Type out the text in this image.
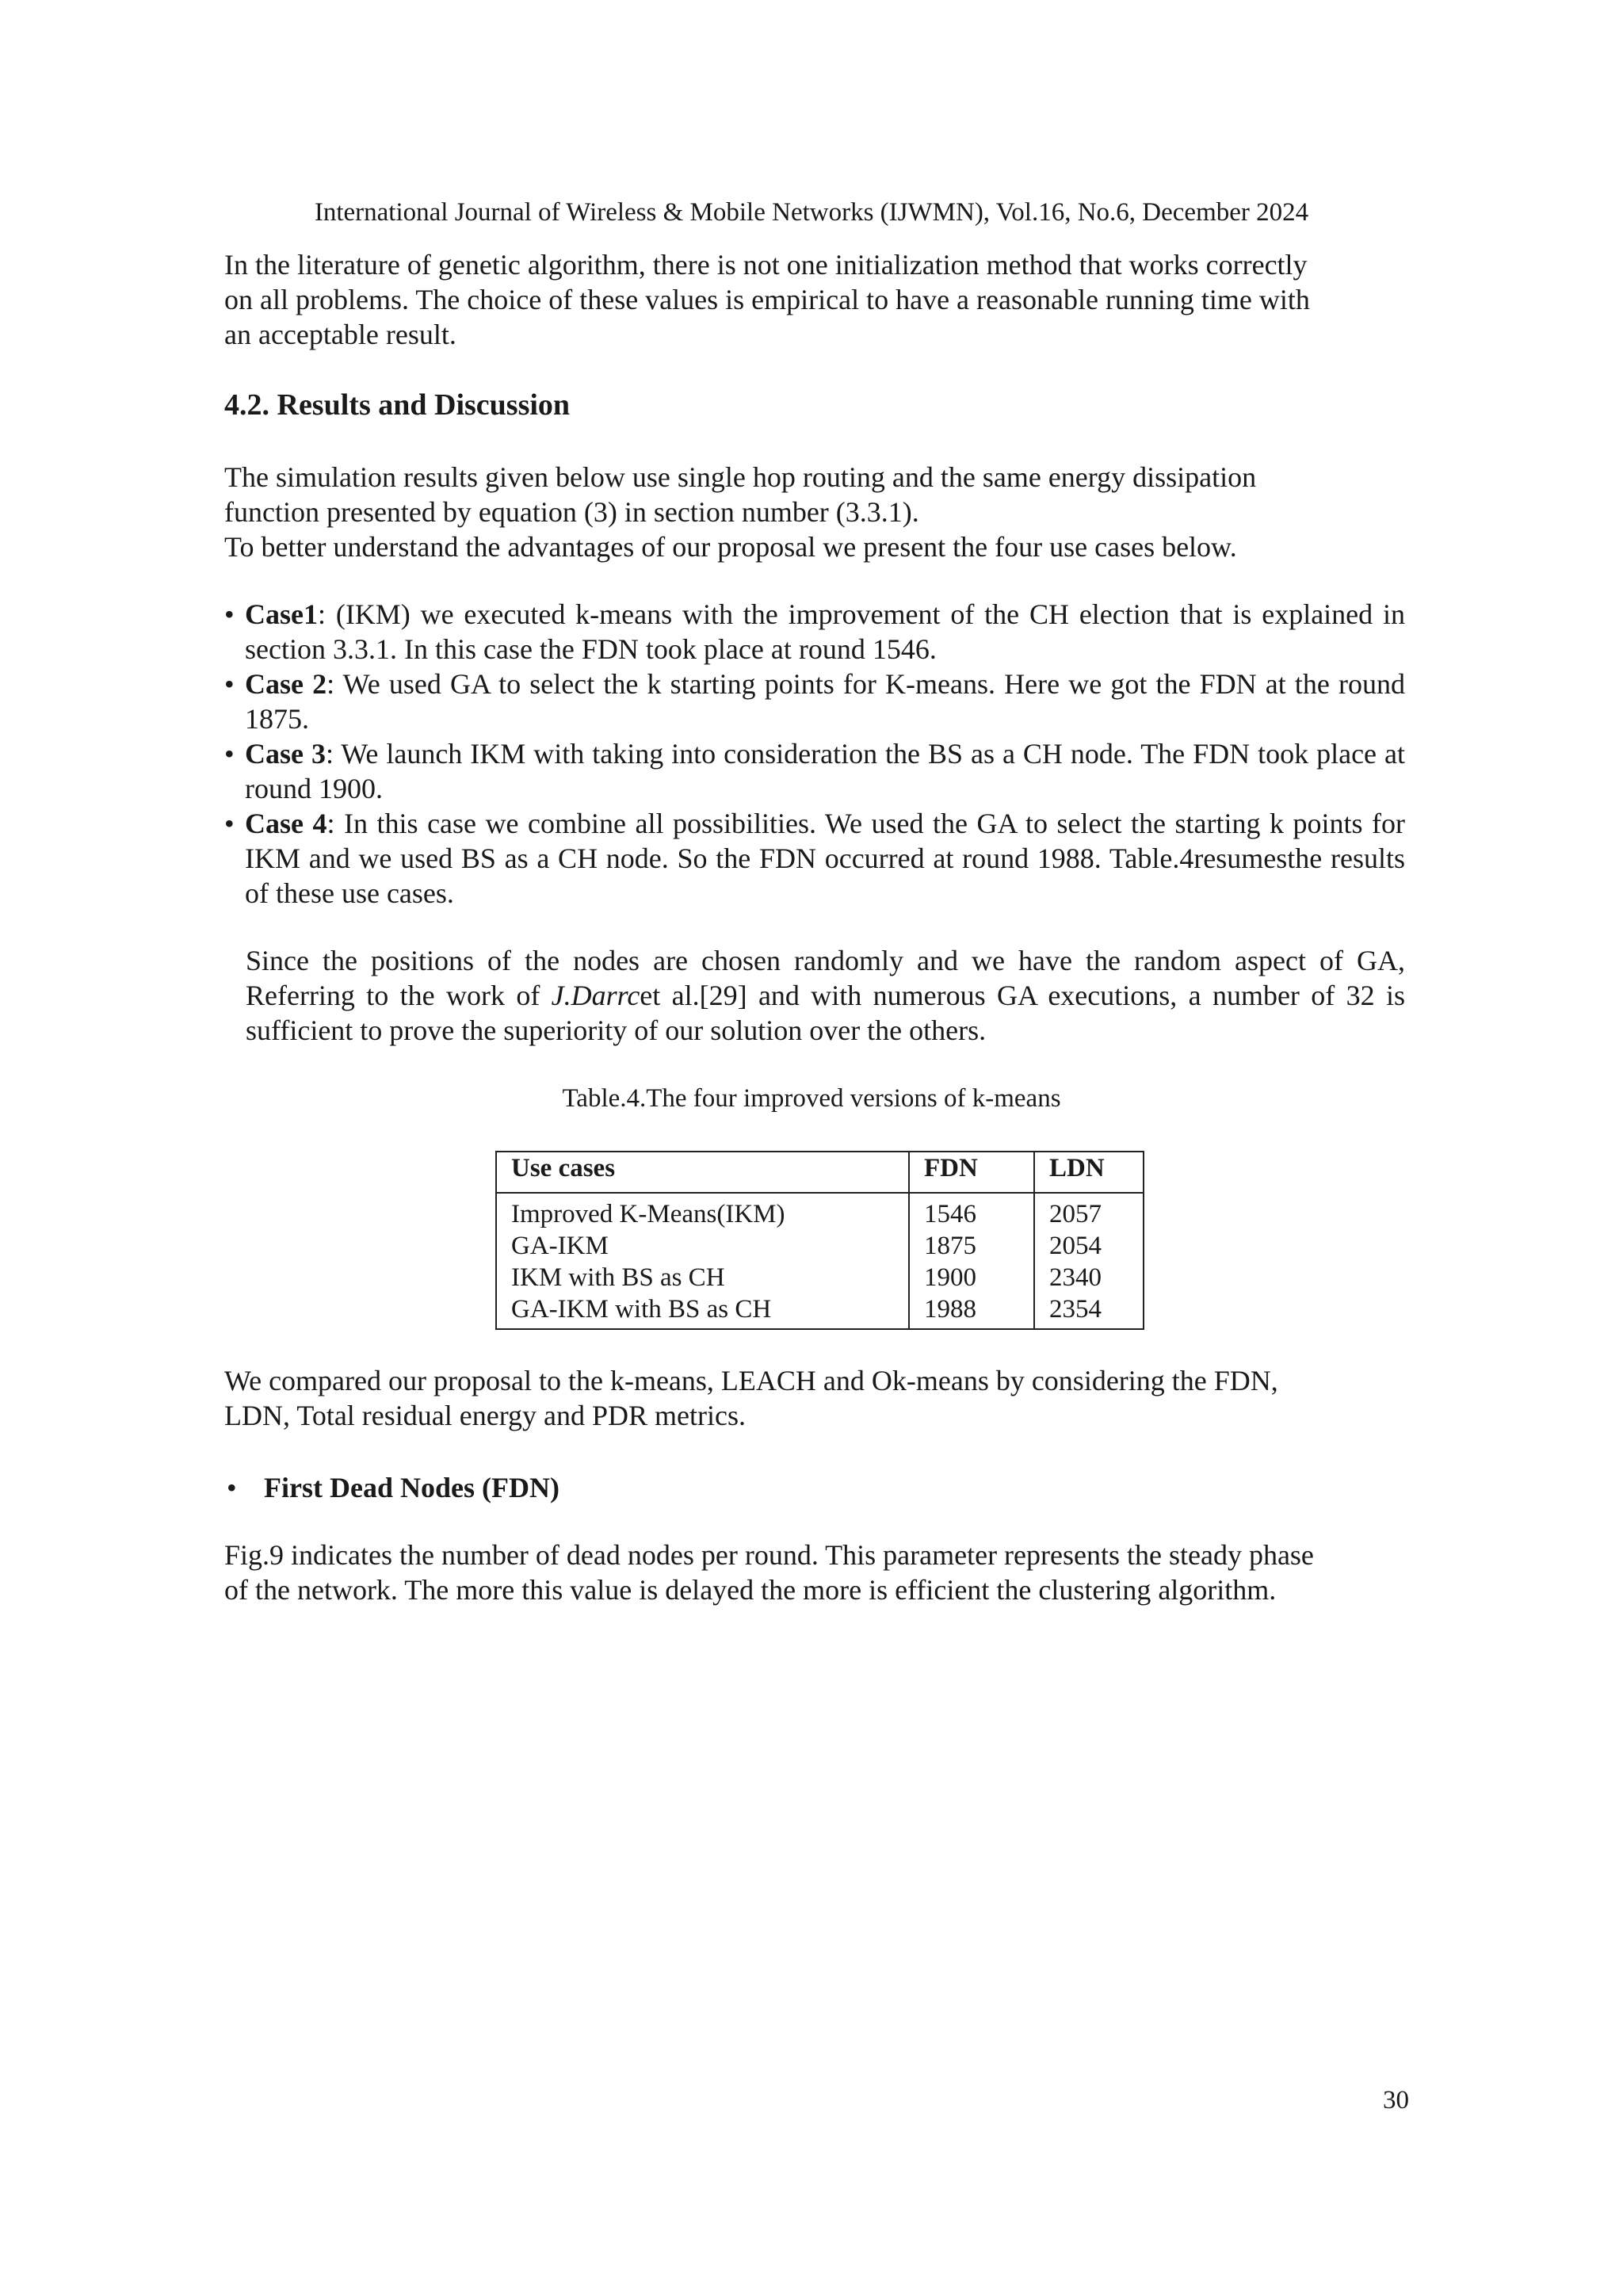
International Journal of Wireless & Mobile Networks (IJWMN), Vol.16, No.6, December 2024
In the literature of genetic algorithm, there is not one initialization method that works correctly
on all problems. The choice of these values is empirical to have a reasonable running time with
an acceptable result.
4.2. Results and Discussion
The simulation results given below use single hop routing and the same energy dissipation
function presented by equation (3) in section number (3.3.1).
To better understand the advantages of our proposal we present the four use cases below.

• Case1: (IKM) we executed k-means with the improvement of the CH election that is explained in section 3.3.1. In this case the FDN took place at round 1546.

• Case 2: We used GA to select the k starting points for K-means. Here we got the FDN at the round 1875.

• Case 3: We launch IKM with taking into consideration the BS as a CH node. The FDN took place at round 1900.

• Case 4: In this case we combine all possibilities. We used the GA to select the starting k points for IKM and we used BS as a CH node. So the FDN occurred at round 1988. Table.4resumesthe results of these use cases.

Since the positions of the nodes are chosen randomly and we have the random aspect of GA, Referring to the work of J.Darrcet al.[29] and with numerous GA executions, a number of 32 is sufficient to prove the superiority of our solution over the others.
Table.4.The four improved versions of k-means
Use cases	FDN	LDN
Improved K-Means(IKM)	1546	2057
GA-IKM	1875	2054
IKM with BS as CH	1900	2340
GA-IKM with BS as CH	1988	2354
We compared our proposal to the k-means, LEACH and Ok-means by considering the FDN,
LDN, Total residual energy and PDR metrics.
• First Dead Nodes (FDN)
Fig.9 indicates the number of dead nodes per round. This parameter represents the steady phase
of the network. The more this value is delayed the more is efficient the clustering algorithm.
30
